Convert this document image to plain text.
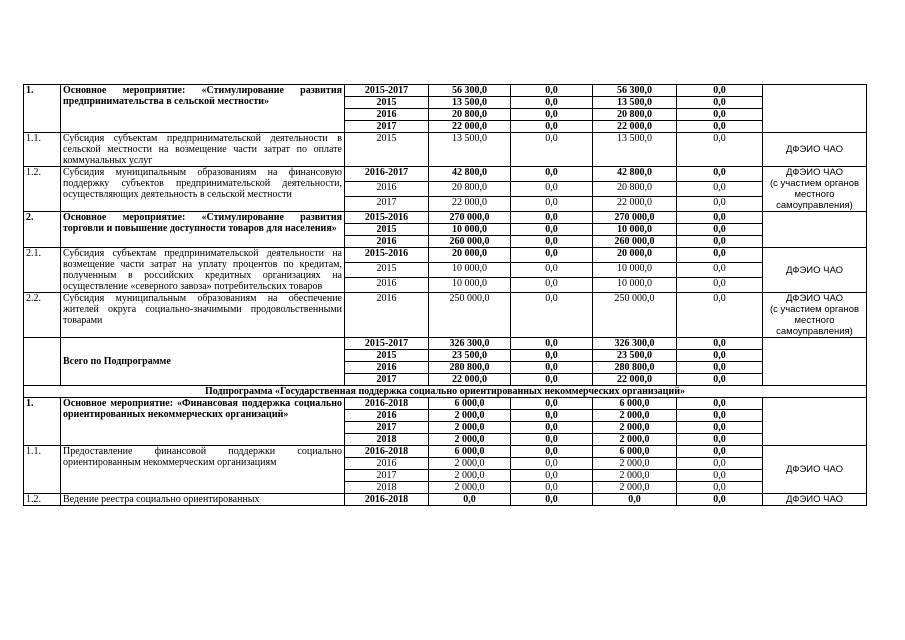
1.	Основное мероприятие: «Стимулирование развития предпринимательства в сельской местности»	2015-2017	56 300,0	0,0	56 300,0	0,0	
		2015	13 500,0	0,0	13 500,0	0,0	
		2016	20 800,0	0,0	20 800,0	0,0	
		2017	22 000,0	0,0	22 000,0	0,0	
1.1.	Субсидия субъектам предпринимательской деятельности в сельской местности на возмещение части затрат по оплате коммунальных услуг	2015	13 500,0	0,0	13 500,0	0,0	ДФЭИО ЧАО
1.2.	Субсидия муниципальным образованиям на финансовую поддержку субъектов предпринимательской деятельности, осуществляющих деятельность в сельской местности	2016-2017	42 800,0	0,0	42 800,0	0,0	ДФЭИО ЧАО
(с участием органов местного самоуправления)
		2016	20 800,0	0,0	20 800,0	0,0	
		2017	22 000,0	0,0	22 000,0	0,0	
2.	Основное мероприятие: «Стимулирование развития торговли и повышение доступности товаров для населения»	2015-2016	270 000,0	0,0	270 000,0	0,0	
		2015	10 000,0	0,0	10 000,0	0,0	
		2016	260 000,0	0,0	260 000,0	0,0	
2.1.	Субсидия субъектам предпринимательской деятельности на возмещение части затрат на уплату процентов по кредитам, полученным в российских кредитных организациях на осуществление «северного завоза» потребительских товаров	2015-2016	20 000,0	0,0	20 000,0	0,0	ДФЭИО ЧАО
		2015	10 000,0	0,0	10 000,0	0,0	
		2016	10 000,0	0,0	10 000,0	0,0	
2.2.	Субсидия муниципальным образованиям на обеспечение жителей округа социально-значимыми продовольственными товарами	2016	250 000,0	0,0	250 000,0	0,0	ДФЭИО ЧАО
(с участием органов местного самоуправления)
	Всего по Подпрограмме	2015-2017	326 300,0	0,0	326 300,0	0,0	
		2015	23 500,0	0,0	23 500,0	0,0	
		2016	280 800,0	0,0	280 800,0	0,0	
		2017	22 000,0	0,0	22 000,0	0,0	
Подпрограмма «Государственная поддержка социально ориентированных некоммерческих организаций»							
1.	Основное мероприятие: «Финансовая поддержка социально ориентированных некоммерческих организаций»	2016-2018	6 000,0	0,0	6 000,0	0,0	
		2016	2 000,0	0,0	2 000,0	0,0	
		2017	2 000,0	0,0	2 000,0	0,0	
		2018	2 000,0	0,0	2 000,0	0,0	
1.1.	Предоставление финансовой поддержки социально ориентированным некоммерческим организациям	2016-2018	6 000,0	0,0	6 000,0	0,0	ДФЭИО ЧАО
		2016	2 000,0	0,0	2 000,0	0,0	
		2017	2 000,0	0,0	2 000,0	0,0	
		2018	2 000,0	0,0	2 000,0	0,0	
1.2.	Ведение реестра социально ориентированных	2016-2018	0,0	0,0	0,0	0,0	ДФЭИО ЧАО
